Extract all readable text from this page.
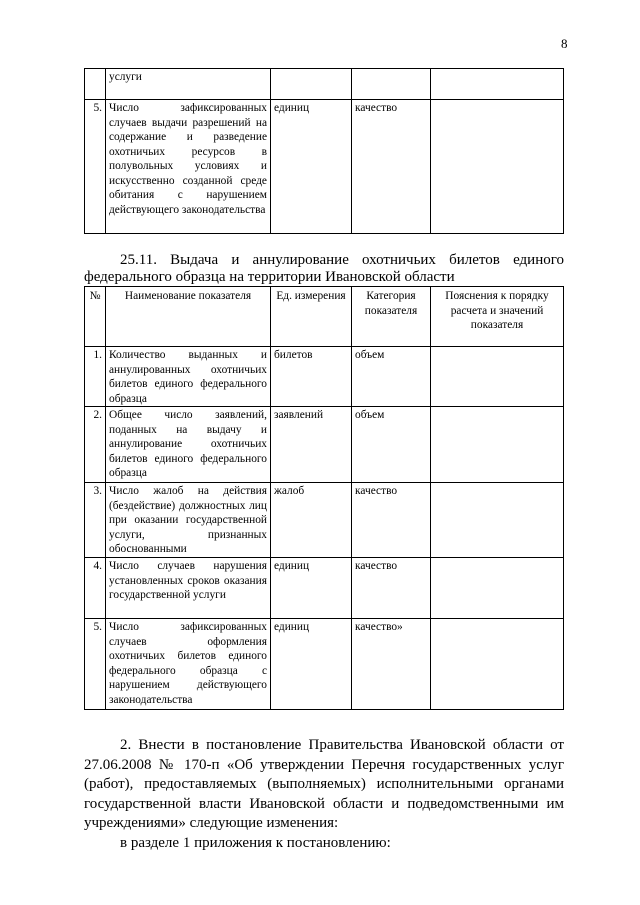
8
	услуги			
5.	Число зафиксированных случаев выдачи разрешений на содержание и разведение охотничьих ресурсов в полувольных условиях и искусственно созданной среде обитания с нарушением действующего законодательства	единиц	качество	

25.11. Выдача и аннулирование охотничьих билетов единого

федерального образца на территории Ивановской области

№	Наименование показателя	Ед. измерения	Категория показателя	Пояснения к порядку расчета и значений показателя
1.	Количество выданных и аннулированных охотничьих билетов единого федерального образца	билетов	объем	
2.	Общее число заявлений, поданных на выдачу и аннулирование охотничьих билетов единого федерального образца	заявлений	объем	
3.	Число жалоб на действия (бездействие) должностных лиц при оказании государственной услуги, признанных обоснованными	жалоб	качество	
4.	Число случаев нарушения установленных сроков оказания государственной услуги	единиц	качество	
5.	Число зафиксированных случаев оформления охотничьих билетов единого федерального образца с нарушением действующего законодательства	единиц	качество»	

2. Внести в постановление Правительства Ивановской области от 27.06.2008 № 170-п «Об утверждении Перечня государственных услуг (работ), предоставляемых (выполняемых) исполнительными органами государственной власти Ивановской области и подведомственными им учреждениями» следующие изменения:

в разделе 1 приложения к постановлению:
